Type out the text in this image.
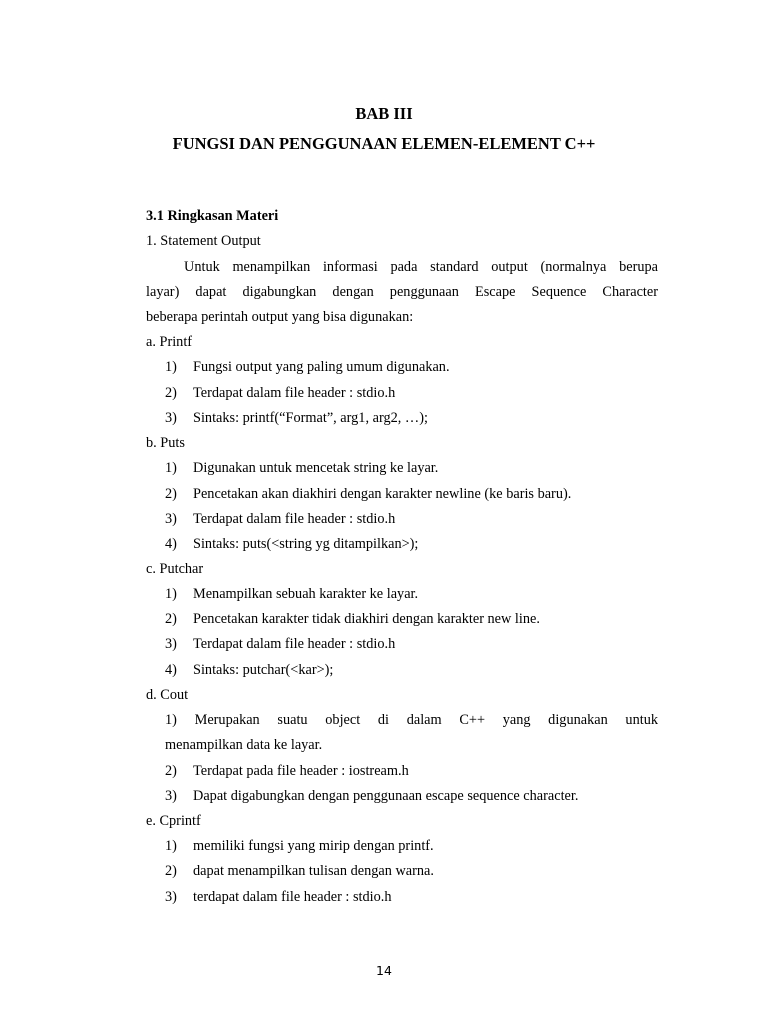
BAB III
FUNGSI DAN PENGGUNAAN ELEMEN-ELEMENT C++
3.1 Ringkasan Materi
1. Statement Output
Untuk menampilkan informasi pada standard output (normalnya berupa
layar) dapat digabungkan dengan penggunaan Escape Sequence Character
beberapa perintah output yang bisa digunakan:
a. Printf
1) Fungsi output yang paling umum digunakan.
2) Terdapat dalam file header : stdio.h
3) Sintaks: printf(“Format”, arg1, arg2, …);
b. Puts
1) Digunakan untuk mencetak string ke layar.
2) Pencetakan akan diakhiri dengan karakter newline (ke baris baru).
3) Terdapat dalam file header : stdio.h
4) Sintaks: puts(<string yg ditampilkan>);
c. Putchar
1) Menampilkan sebuah karakter ke layar.
2) Pencetakan karakter tidak diakhiri dengan karakter new line.
3) Terdapat dalam file header : stdio.h
4) Sintaks: putchar(<kar>);
d. Cout
1) Merupakan suatu object di dalam C++ yang digunakan untuk
menampilkan data ke layar.
2) Terdapat pada file header : iostream.h
3) Dapat digabungkan dengan penggunaan escape sequence character.
e. Cprintf
1) memiliki fungsi yang mirip dengan printf.
2) dapat menampilkan tulisan dengan warna.
3) terdapat dalam file header : stdio.h
14
